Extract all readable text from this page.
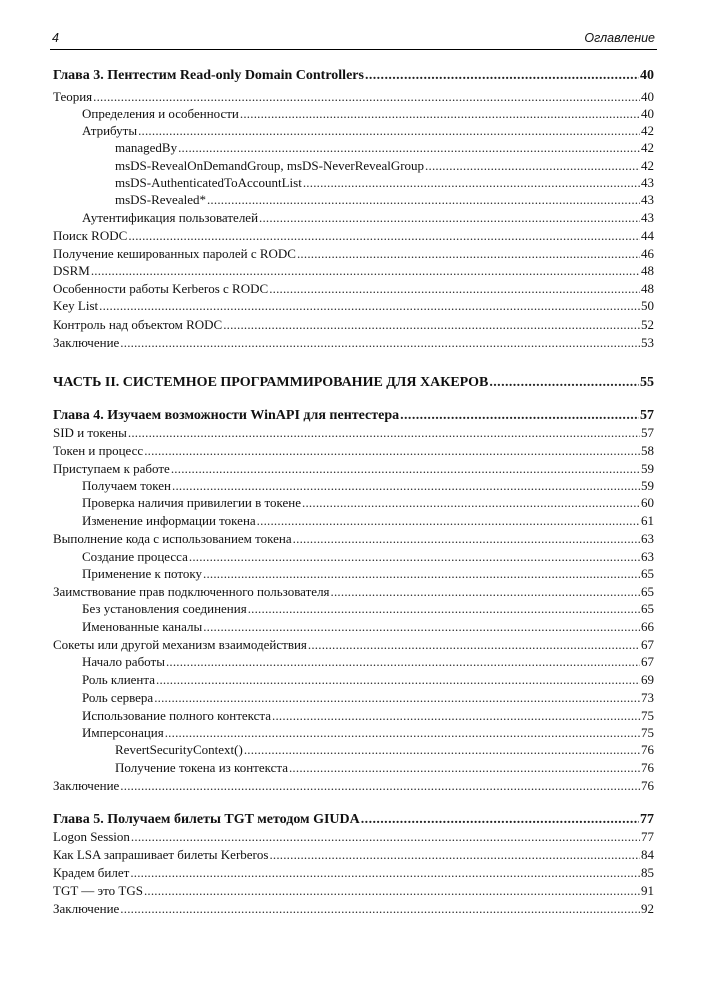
4	Оглавление
Глава 3. Пентестим Read-only Domain Controllers .....	40
Теория .....	40
Определения и особенности .....	40
Атрибуты .....	42
managedBy .....	42
msDS-RevealOnDemandGroup, msDS-NeverRevealGroup .....	42
msDS-AuthenticatedToAccountList .....	43
msDS-Revealed* .....	43
Аутентификация пользователей .....	43
Поиск RODC .....	44
Получение кешированных паролей с RODC .....	46
DSRM .....	48
Особенности работы Kerberos с RODC .....	48
Key List .....	50
Контроль над объектом RODC .....	52
Заключение .....	53
ЧАСТЬ II. СИСТЕМНОЕ ПРОГРАММИРОВАНИЕ ДЛЯ ХАКЕРОВ .....	55
Глава 4. Изучаем возможности WinAPI для пентестера .....	57
SID и токены .....	57
Токен и процесс .....	58
Приступаем к работе .....	59
Получаем токен .....	59
Проверка наличия привилегии в токене .....	60
Изменение информации токена .....	61
Выполнение кода с использованием токена .....	63
Создание процесса .....	63
Применение к потоку .....	65
Заимствование прав подключенного пользователя .....	65
Без установления соединения .....	65
Именованные каналы .....	66
Сокеты или другой механизм взаимодействия .....	67
Начало работы .....	67
Роль клиента .....	69
Роль сервера .....	73
Использование полного контекста .....	75
Имперсонация .....	75
RevertSecurityContext() .....	76
Получение токена из контекста .....	76
Заключение .....	76
Глава 5. Получаем билеты TGT методом GIUDA .....	77
Logon Session .....	77
Как LSA запрашивает билеты Kerberos .....	84
Крадем билет .....	85
TGT — это TGS .....	91
Заключение .....	92
